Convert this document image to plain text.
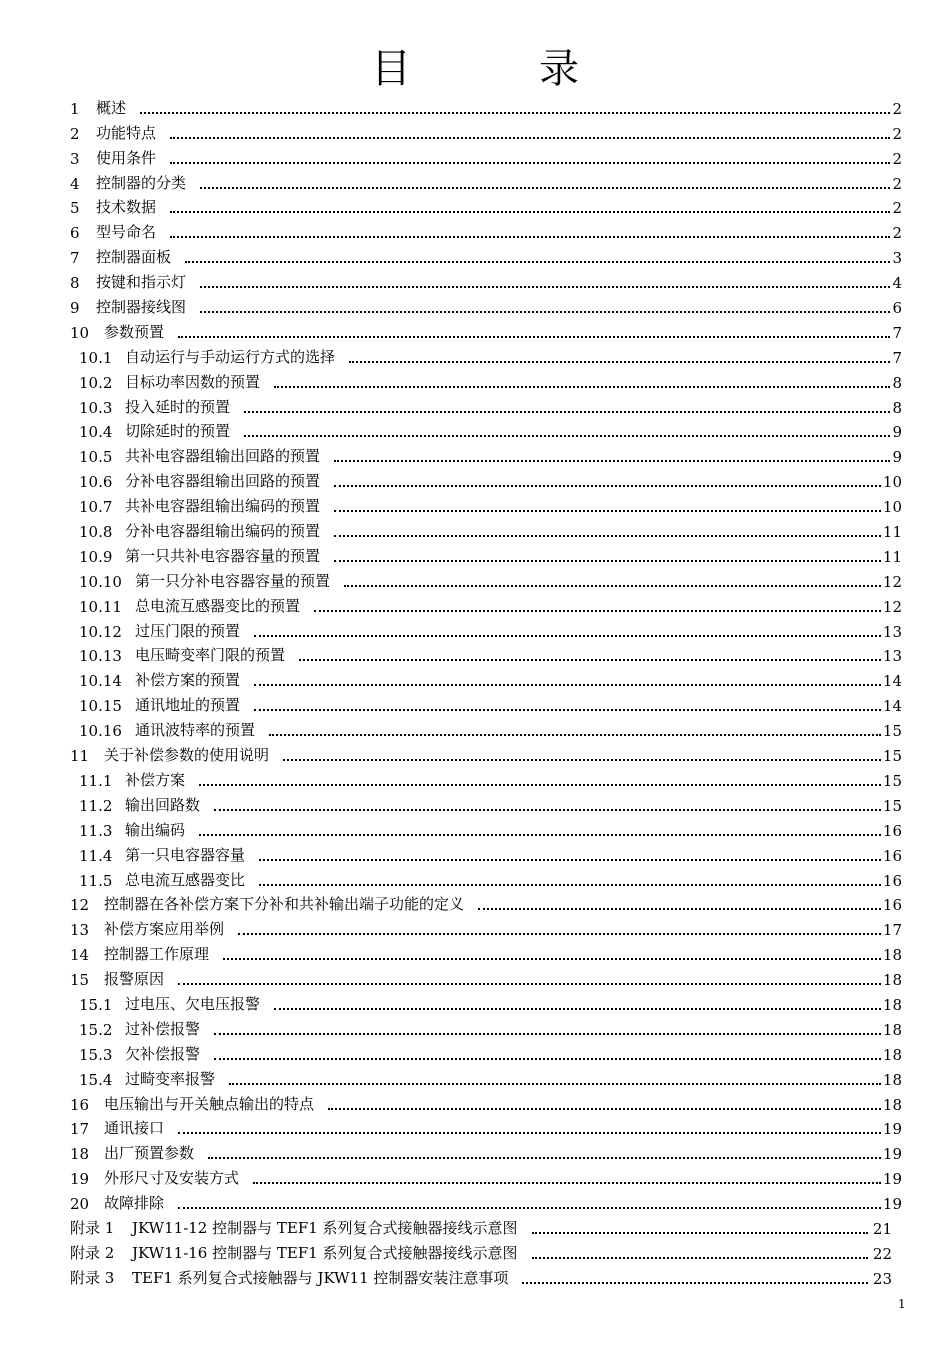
目　录
1 概述	2
2 功能特点	2
3 使用条件	2
4 控制器的分类	2
5 技术数据	2
6 型号命名	2
7 控制器面板	3
8 按键和指示灯	4
9 控制器接线图	6
10 参数预置	7
10.1 自动运行与手动运行方式的选择	7
10.2 目标功率因数的预置	8
10.3 投入延时的预置	8
10.4 切除延时的预置	9
10.5 共补电容器组输出回路的预置	9
10.6 分补电容器组输出回路的预置	10
10.7 共补电容器组输出编码的预置	10
10.8 分补电容器组输出编码的预置	11
10.9 第一只共补电容器容量的预置	11
10.10 第一只分补电容器容量的预置	12
10.11 总电流互感器变比的预置	12
10.12 过压门限的预置	13
10.13 电压畸变率门限的预置	13
10.14 补偿方案的预置	14
10.15 通讯地址的预置	14
10.16 通讯波特率的预置	15
11 关于补偿参数的使用说明	15
11.1 补偿方案	15
11.2 输出回路数	15
11.3 输出编码	16
11.4 第一只电容器容量	16
11.5 总电流互感器变比	16
12 控制器在各补偿方案下分补和共补输出端子功能的定义	16
13 补偿方案应用举例	17
14 控制器工作原理	18
15 报警原因	18
15.1 过电压、欠电压报警	18
15.2 过补偿报警	18
15.3 欠补偿报警	18
15.4 过畸变率报警	18
16 电压输出与开关触点输出的特点	18
17 通讯接口	19
18 出厂预置参数	19
19 外形尺寸及安装方式	19
20 故障排除	19
附录 1	JKW11-12 控制器与 TEF1 系列复合式接触器接线示意图	21
附录 2	JKW11-16 控制器与 TEF1 系列复合式接触器接线示意图	22
附录 3	TEF1 系列复合式接触器与 JKW11 控制器安装注意事项	23
1
